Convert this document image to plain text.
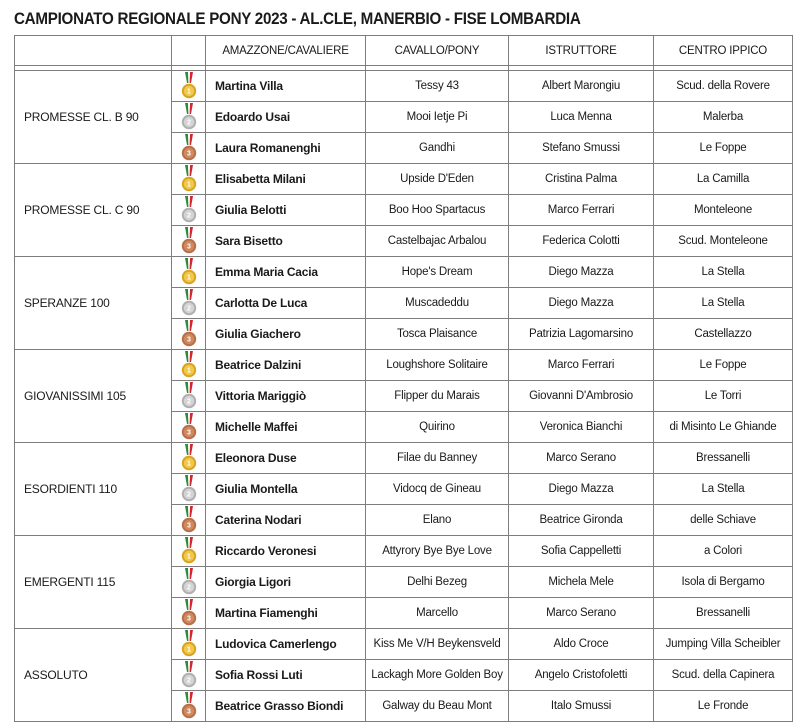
CAMPIONATO REGIONALE PONY 2023 - AL.CLE, MANERBIO - FISE LOMBARDIA
		AMAZZONE/CAVALIERE	CAVALLO/PONY	ISTRUTTORE	CENTRO IPPICO

PROMESSE CL. B 90	1	Martina Villa	Tessy 43	Albert Marongiu	Scud. della Rovere

2	Edoardo Usai	Mooi Ietje Pi	Luca Menna	Malerba

3	Laura Romanenghi	Gandhi	Stefano Smussi	Le Foppe
PROMESSE CL. C 90	1	Elisabetta Milani	Upside D'Eden	Cristina Palma	La Camilla

2	Giulia Belotti	Boo Hoo Spartacus	Marco Ferrari	Monteleone

3	Sara Bisetto	Castelbajac Arbalou	Federica Colotti	Scud. Monteleone
SPERANZE 100	1	Emma Maria Cacia	Hope's Dream	Diego Mazza	La Stella

2	Carlotta De Luca	Muscadeddu	Diego Mazza	La Stella

3	Giulia Giachero	Tosca Plaisance	Patrizia Lagomarsino	Castellazzo
GIOVANISSIMI 105	1	Beatrice Dalzini	Loughshore Solitaire	Marco Ferrari	Le Foppe

2	Vittoria Mariggiò	Flipper du Marais	Giovanni D'Ambrosio	Le Torri

3	Michelle Maffei	Quirino	Veronica Bianchi	di Misinto Le Ghiande
ESORDIENTI 110	1	Eleonora Duse	Filae du Banney	Marco Serano	Bressanelli

2	Giulia Montella	Vidocq de Gineau	Diego Mazza	La Stella

3	Caterina Nodari	Elano	Beatrice Gironda	delle Schiave
EMERGENTI 115	1	Riccardo Veronesi	Attyrory Bye Bye Love	Sofia Cappelletti	a Colori

2	Giorgia Ligori	Delhi Bezeg	Michela Mele	Isola di Bergamo

3	Martina Fiamenghi	Marcello	Marco Serano	Bressanelli
ASSOLUTO	1	Ludovica Camerlengo	Kiss Me V/H Beykensveld	Aldo Croce	Jumping Villa Scheibler

2	Sofia Rossi Luti	Lackagh More Golden Boy	Angelo Cristofoletti	Scud. della Capinera

3	Beatrice Grasso Biondi	Galway du Beau Mont	Italo Smussi	Le Fronde
